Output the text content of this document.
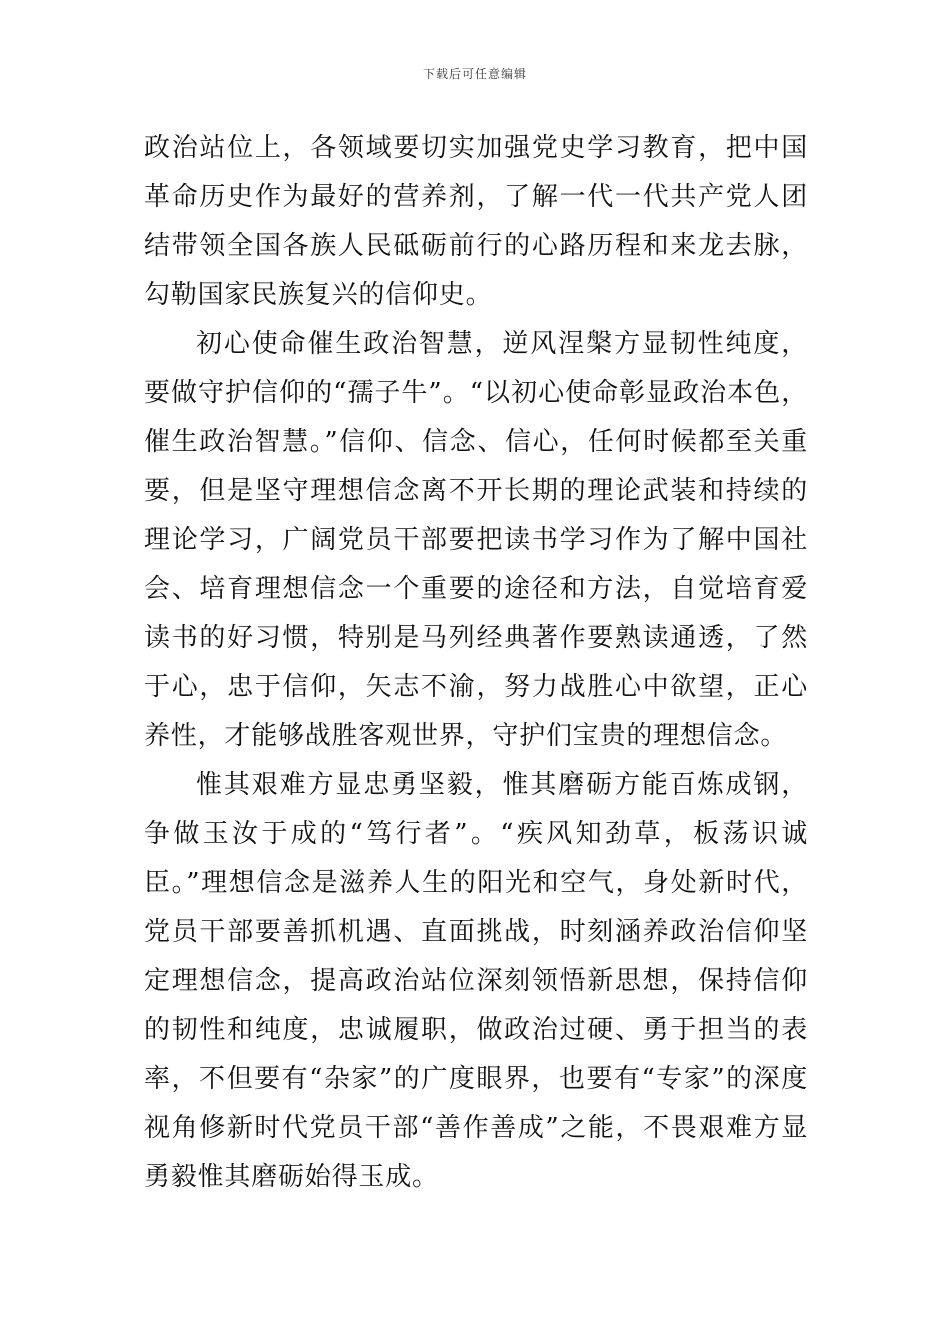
下载后可任意编辑

政治站位上，各领域要切实加强党史学习教育，把中国革命历史作为最好的营养剂，了解一代一代共产党人团结带领全国各族人民砥砺前行的心路历程和来龙去脉，勾勒国家民族复兴的信仰史。

初心使命催生政治智慧，逆风涅槃方显韧性纯度，要做守护信仰的“孺子牛”。“以初心使命彰显政治本色，催生政治智慧。”信仰、信念、信心，任何时候都至关重要，但是坚守理想信念离不开长期的理论武装和持续的理论学习，广阔党员干部要把读书学习作为了解中国社会、培育理想信念一个重要的途径和方法，自觉培育爱读书的好习惯，特别是马列经典著作要熟读通透，了然于心，忠于信仰，矢志不渝，努力战胜心中欲望，正心养性，才能够战胜客观世界，守护们宝贵的理想信念。

惟其艰难方显忠勇坚毅，惟其磨砺方能百炼成钢，争做玉汝于成的“笃行者”。“疾风知劲草，板荡识诚臣。”理想信念是滋养人生的阳光和空气，身处新时代，党员干部要善抓机遇、直面挑战，时刻涵养政治信仰坚定理想信念，提高政治站位深刻领悟新思想，保持信仰的韧性和纯度，忠诚履职，做政治过硬、勇于担当的表率，不但要有“杂家”的广度眼界，也要有“专家”的深度视角修新时代党员干部“善作善成”之能，不畏艰难方显勇毅惟其磨砺始得玉成。
